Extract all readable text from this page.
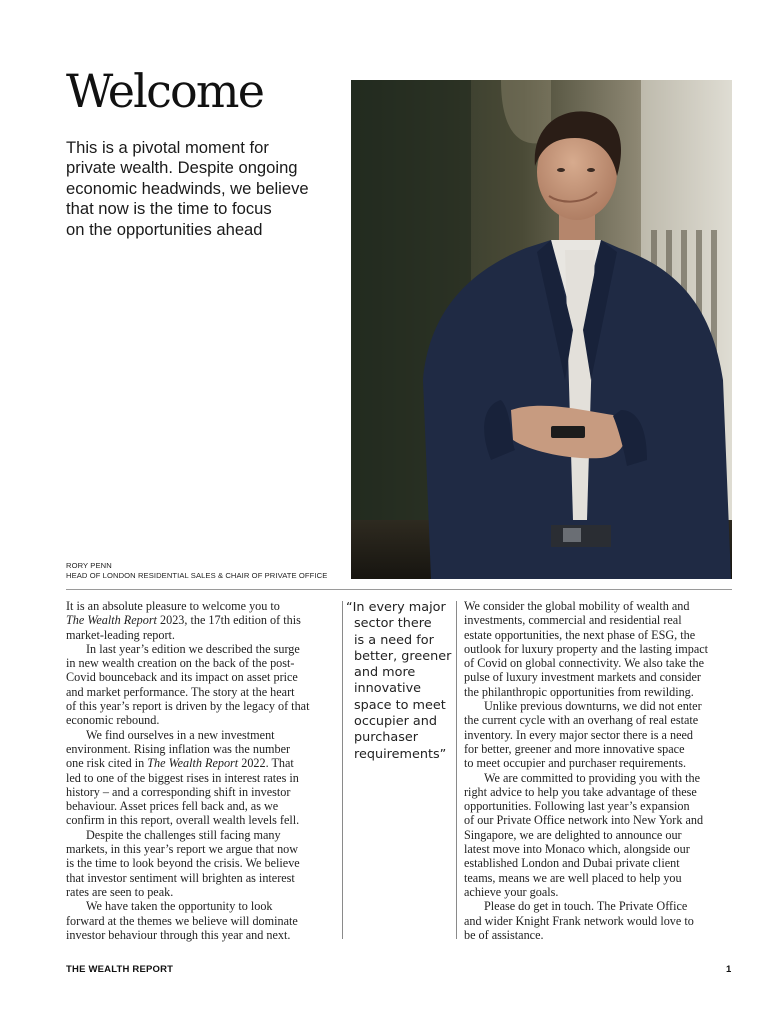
Welcome

This is a pivotal moment for
private wealth. Despite ongoing
economic headwinds, we believe
that now is the time to focus
on the opportunities ahead

RORY PENN
HEAD OF LONDON RESIDENTIAL SALES & CHAIR OF PRIVATE OFFICE

It is an absolute pleasure to welcome you to
The Wealth Report 2023, the 17th edition of this
market-leading report.

In last year’s edition we described the surge
in new wealth creation on the back of the post-
Covid bounceback and its impact on asset price
and market performance. The story at the heart
of this year’s report is driven by the legacy of that
economic rebound.

We find ourselves in a new investment
environment. Rising inflation was the number
one risk cited in The Wealth Report 2022. That
led to one of the biggest rises in interest rates in
history – and a corresponding shift in investor
behaviour. Asset prices fell back and, as we
confirm in this report, overall wealth levels fell.

Despite the challenges still facing many
markets, in this year’s report we argue that now
is the time to look beyond the crisis. We believe
that investor sentiment will brighten as interest
rates are seen to peak.

We have taken the opportunity to look
forward at the themes we believe will dominate
investor behaviour through this year and next.

“In every major
sector there
is a need for
better, greener
and more
innovative
space to meet
occupier and
purchaser
requirements”

We consider the global mobility of wealth and
investments, commercial and residential real
estate opportunities, the next phase of ESG, the
outlook for luxury property and the lasting impact
of Covid on global connectivity. We also take the
pulse of luxury investment markets and consider
the philanthropic opportunities from rewilding.

Unlike previous downturns, we did not enter
the current cycle with an overhang of real estate
inventory. In every major sector there is a need
for better, greener and more innovative space
to meet occupier and purchaser requirements.

We are committed to providing you with the
right advice to help you take advantage of these
opportunities. Following last year’s expansion
of our Private Office network into New York and
Singapore, we are delighted to announce our
latest move into Monaco which, alongside our
established London and Dubai private client
teams, means we are well placed to help you
achieve your goals.

Please do get in touch. The Private Office
and wider Knight Frank network would love to
be of assistance.

THE WEALTH REPORT	1
